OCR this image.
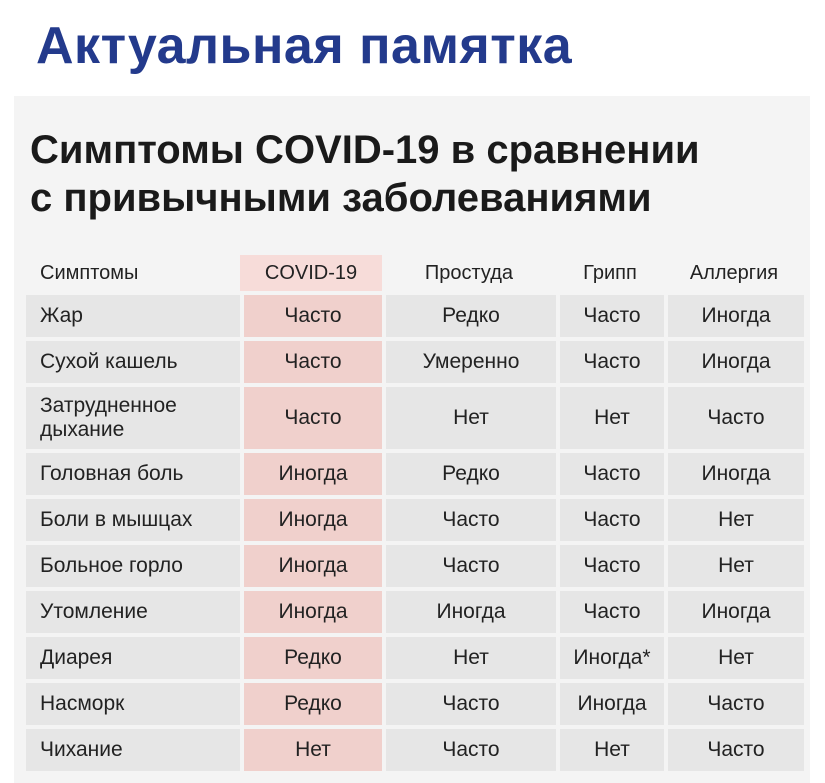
Актуальная памятка
Симптомы COVID-19 в сравнении
с привычными заболеваниями
Симптомы	COVID-19	Простуда	Грипп	Аллергия
Жар	Часто	Редко	Часто	Иногда
Сухой кашель	Часто	Умеренно	Часто	Иногда
Затрудненное дыхание	Часто	Нет	Нет	Часто
Головная боль	Иногда	Редко	Часто	Иногда
Боли в мышцах	Иногда	Часто	Часто	Нет
Больное горло	Иногда	Часто	Часто	Нет
Утомление	Иногда	Иногда	Часто	Иногда
Диарея	Редко	Нет	Иногда*	Нет
Насморк	Редко	Часто	Иногда	Часто
Чихание	Нет	Часто	Нет	Часто
